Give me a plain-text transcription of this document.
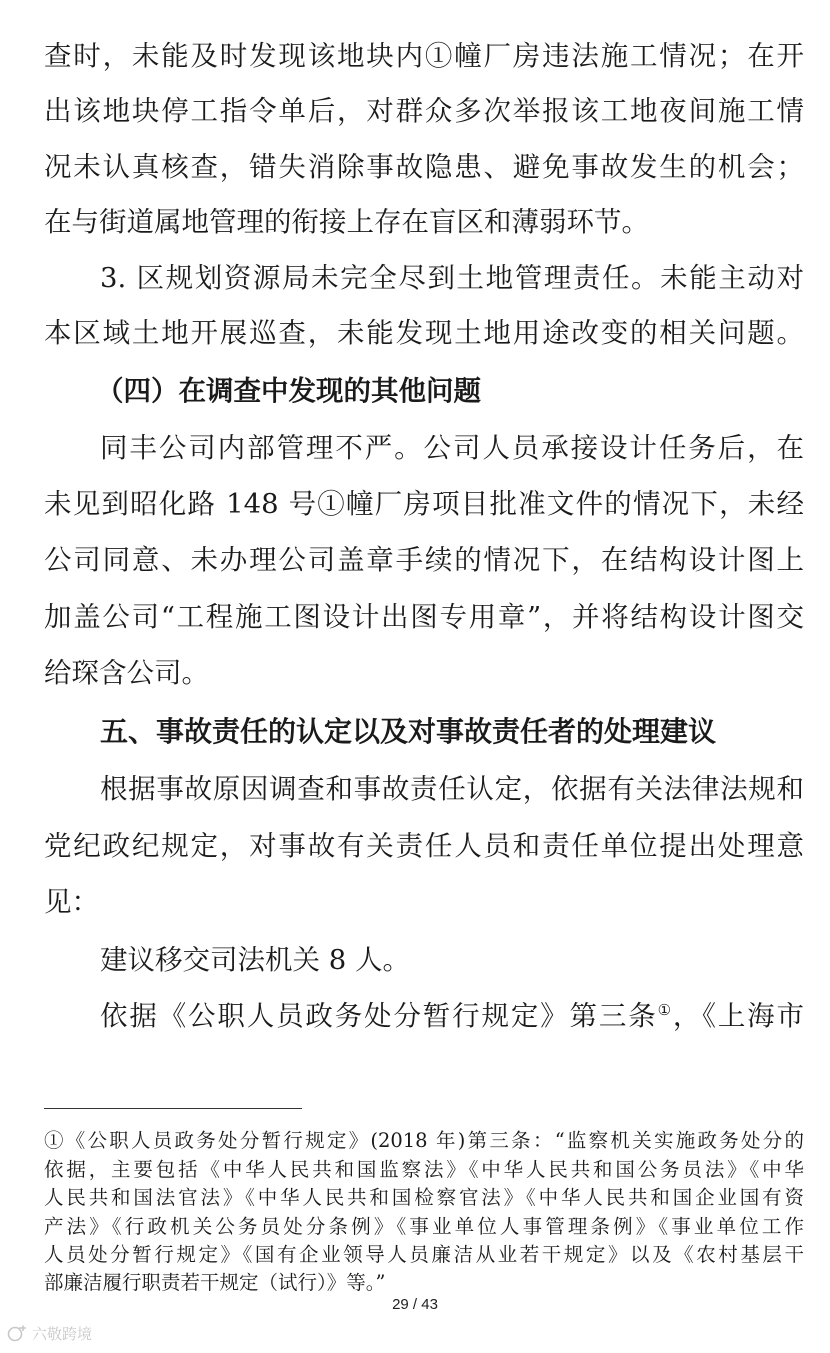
查时，未能及时发现该地块内①幢厂房违法施工情况；在开
出该地块停工指令单后，对群众多次举报该工地夜间施工情
况未认真核查，错失消除事故隐患、避免事故发生的机会；
在与街道属地管理的衔接上存在盲区和薄弱环节。
3. 区规划资源局未完全尽到土地管理责任。未能主动对
本区域土地开展巡查，未能发现土地用途改变的相关问题。
（四）在调查中发现的其他问题
同丰公司内部管理不严。公司人员承接设计任务后，在
未见到昭化路 148 号①幢厂房项目批准文件的情况下，未经
公司同意、未办理公司盖章手续的情况下，在结构设计图上
加盖公司“工程施工图设计出图专用章”，并将结构设计图交
给琛含公司。
五、事故责任的认定以及对事故责任者的处理建议
根据事故原因调查和事故责任认定，依据有关法律法规和
党纪政纪规定，对事故有关责任人员和责任单位提出处理意
见：
建议移交司法机关 8 人。
依据《公职人员政务处分暂行规定》第三条①，《上海市
①《公职人员政务处分暂行规定》(2018 年)第三条：“监察机关实施政务处分的
依据，主要包括《中华人民共和国监察法》《中华人民共和国公务员法》《中华
人民共和国法官法》《中华人民共和国检察官法》《中华人民共和国企业国有资
产法》《行政机关公务员处分条例》《事业单位人事管理条例》《事业单位工作
人员处分暂行规定》《国有企业领导人员廉洁从业若干规定》以及《农村基层干
部廉洁履行职责若干规定（试行）》等。”
29 / 43
六敬跨境
